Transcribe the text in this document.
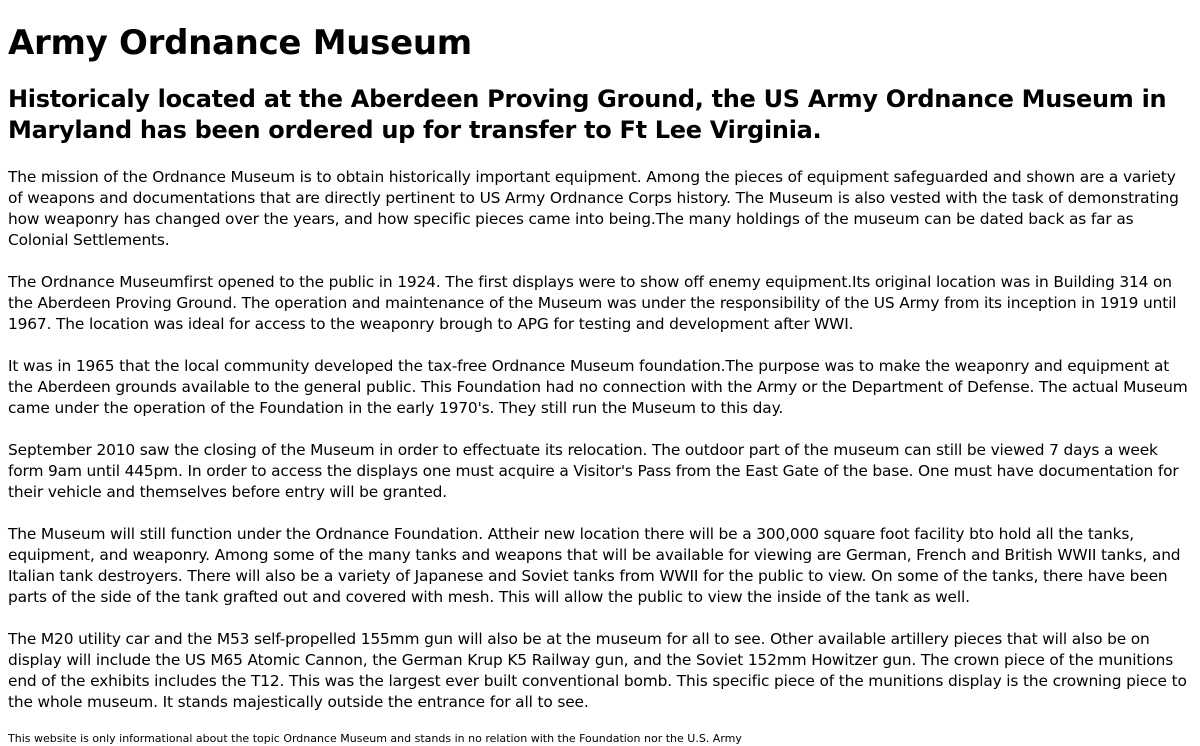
Army Ordnance Museum
Historicaly located at the Aberdeen Proving Ground, the US Army Ordnance Museum in Maryland has been ordered up for transfer to Ft Lee Virginia.

The mission of the Ordnance Museum is to obtain historically important equipment. Among the pieces of equipment safeguarded and shown are a variety of weapons and documentations that are directly pertinent to US Army Ordnance Corps history. The Museum is also vested with the task of demonstrating how weaponry has changed over the years, and how specific pieces came into being.The many holdings of the museum can be dated back as far as Colonial Settlements.

The Ordnance Museumfirst opened to the public in 1924. The first displays were to show off enemy equipment.Its original location was in Building 314 on the Aberdeen Proving Ground. The operation and maintenance of the Museum was under the responsibility of the US Army from its inception in 1919 until 1967. The location was ideal for access to the weaponry brough to APG for testing and development after WWI.

It was in 1965 that the local community developed the tax-free Ordnance Museum foundation.The purpose was to make the weaponry and equipment at the Aberdeen grounds available to the general public. This Foundation had no connection with the Army or the Department of Defense. The actual Museum came under the operation of the Foundation in the early 1970's. They still run the Museum to this day.

September 2010 saw the closing of the Museum in order to effectuate its relocation. The outdoor part of the museum can still be viewed 7 days a week form 9am until 445pm. In order to access the displays one must acquire a Visitor's Pass from the East Gate of the base. One must have documentation for their vehicle and themselves before entry will be granted.

The Museum will still function under the Ordnance Foundation. Attheir new location there will be a 300,000 square foot facility bto hold all the tanks, equipment, and weaponry. Among some of the many tanks and weapons that will be available for viewing are German, French and British WWII tanks, and Italian tank destroyers. There will also be a variety of Japanese and Soviet tanks from WWII for the public to view. On some of the tanks, there have been parts of the side of the tank grafted out and covered with mesh. This will allow the public to view the inside of the tank as well.

The M20 utility car and the M53 self-propelled 155mm gun will also be at the museum for all to see. Other available artillery pieces that will also be on display will include the US M65 Atomic Cannon, the German Krup K5 Railway gun, and the Soviet 152mm Howitzer gun. The crown piece of the munitions end of the exhibits includes the T12. This was the largest ever built conventional bomb. This specific piece of the munitions display is the crowning piece to the whole museum. It stands majestically outside the entrance for all to see.

This website is only informational about the topic Ordnance Museum and stands in no relation with the Foundation nor the U.S. Army
